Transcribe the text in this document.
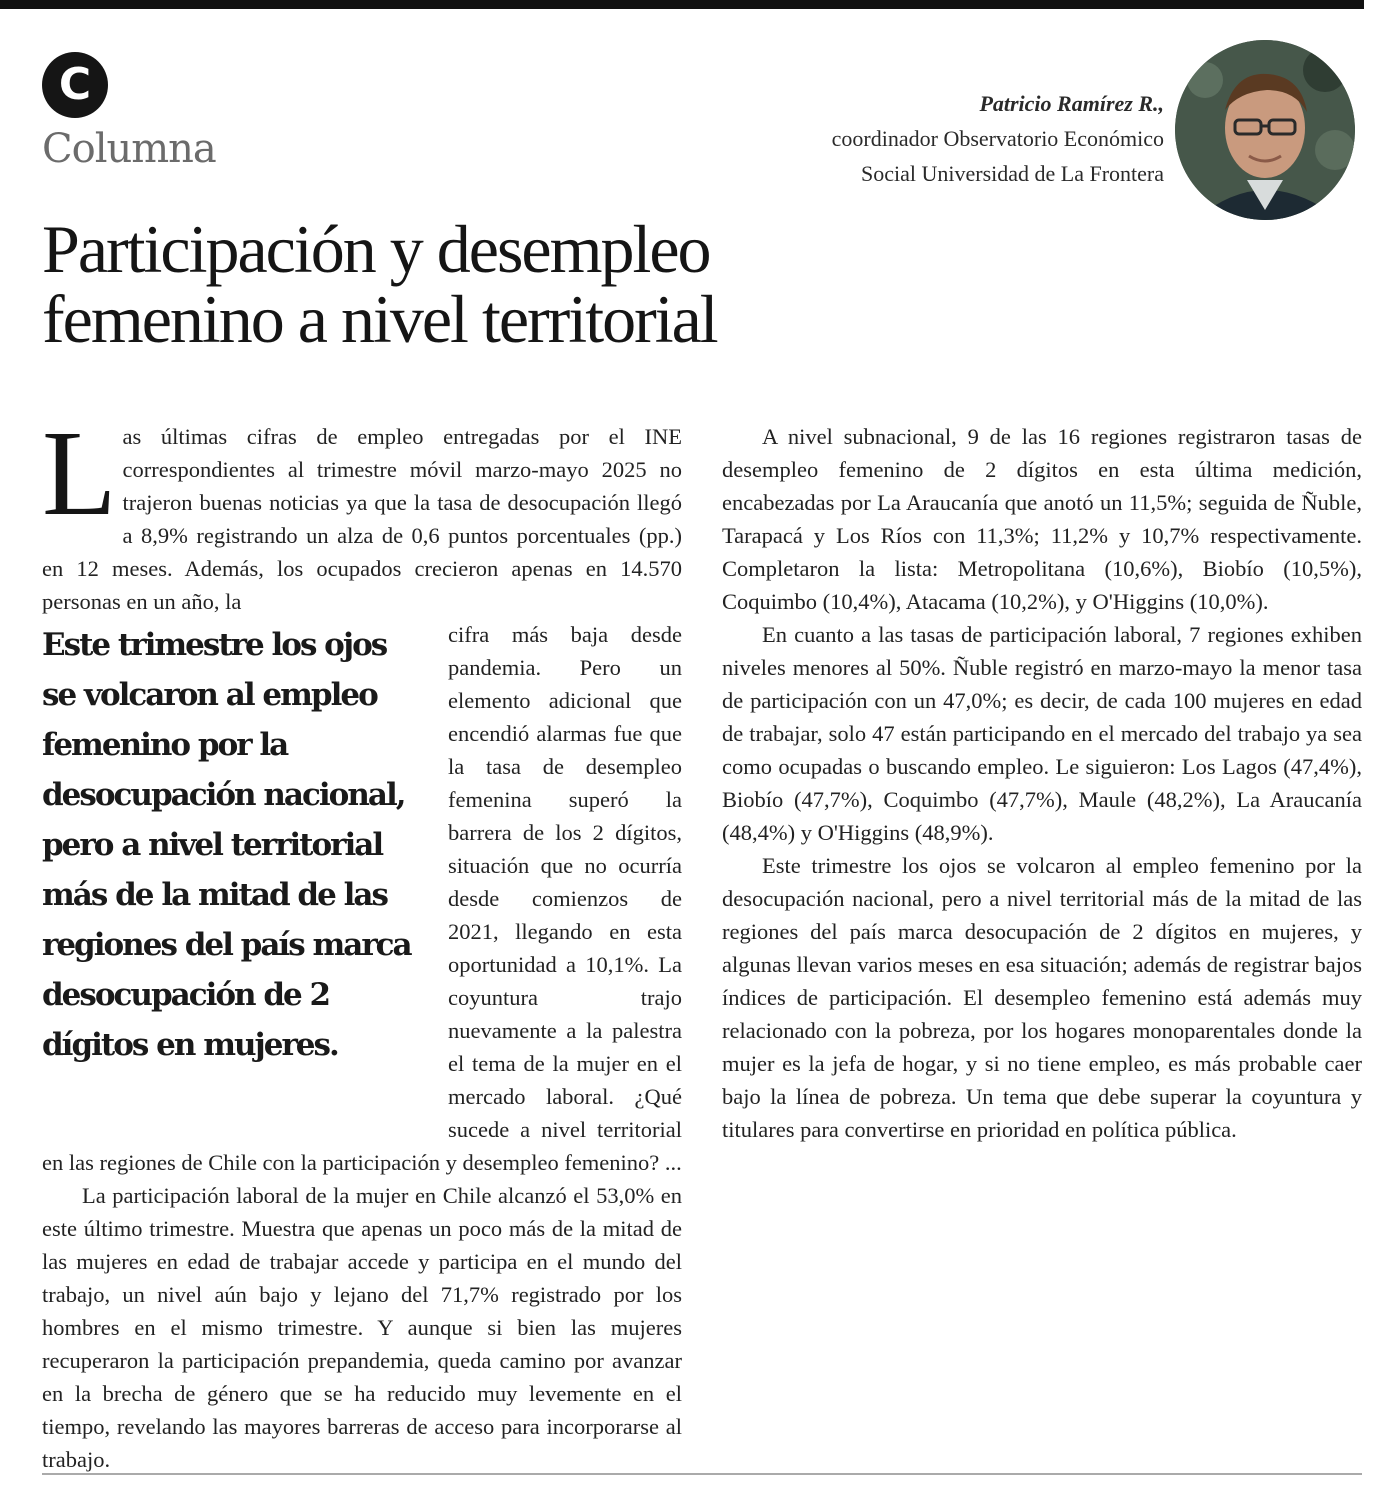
C
Columna
Patricio Ramírez R.,
coordinador Observatorio Económico
Social Universidad de La Frontera
Participación y desempleo femenino a nivel territorial
L as últimas cifras de empleo entregadas por el INE correspondientes al trimestre móvil marzo-mayo 2025 no trajeron buenas noticias ya que la tasa de desocupación llegó a 8,9% registrando un alza de 0,6 puntos porcentuales (pp.) en 12 meses. Además, los ocupados crecieron apenas en 14.570 personas en un año, la

Este trimestre los ojos se volcaron al empleo femenino por la desocupación nacional, pero a nivel territorial más de la mitad de las regiones del país marca desocupación de 2 dígitos en mujeres.

cifra más baja desde pandemia. Pero un elemento adicional que encendió alarmas fue que la tasa de desempleo femenina superó la barrera de los 2 dígitos, situación que no ocurría desde comienzos de 2021, llegando en esta oportunidad a 10,1%. La coyuntura trajo nuevamente a la palestra el tema de la mujer en el mercado laboral. ¿Qué sucede a nivel territorial en las regiones de Chile con la participación y desempleo femenino? ...

La participación laboral de la mujer en Chile alcanzó el 53,0% en este último trimestre. Muestra que apenas un poco más de la mitad de las mujeres en edad de trabajar accede y participa en el mundo del trabajo, un nivel aún bajo y lejano del 71,7% registrado por los hombres en el mismo trimestre. Y aunque si bien las mujeres recuperaron la participación prepandemia, queda camino por avanzar en la brecha de género que se ha reducido muy levemente en el tiempo, revelando las mayores barreras de acceso para incorporarse al trabajo.

A nivel subnacional, 9 de las 16 regiones registraron tasas de desempleo femenino de 2 dígitos en esta última medición, encabezadas por La Araucanía que anotó un 11,5%; seguida de Ñuble, Tarapacá y Los Ríos con 11,3%; 11,2% y 10,7% respectivamente. Completaron la lista: Metropolitana (10,6%), Biobío (10,5%), Coquimbo (10,4%), Atacama (10,2%), y O'Higgins (10,0%).

En cuanto a las tasas de participación laboral, 7 regiones exhiben niveles menores al 50%. Ñuble registró en marzo-mayo la menor tasa de participación con un 47,0%; es decir, de cada 100 mujeres en edad de trabajar, solo 47 están participando en el mercado del trabajo ya sea como ocupadas o buscando empleo. Le siguieron: Los Lagos (47,4%), Biobío (47,7%), Coquimbo (47,7%), Maule (48,2%), La Araucanía (48,4%) y O'Higgins (48,9%).

Este trimestre los ojos se volcaron al empleo femenino por la desocupación nacional, pero a nivel territorial más de la mitad de las regiones del país marca desocupación de 2 dígitos en mujeres, y algunas llevan varios meses en esa situación; además de registrar bajos índices de participación. El desempleo femenino está además muy relacionado con la pobreza, por los hogares monoparentales donde la mujer es la jefa de hogar, y si no tiene empleo, es más probable caer bajo la línea de pobreza. Un tema que debe superar la coyuntura y titulares para convertirse en prioridad en política pública.
